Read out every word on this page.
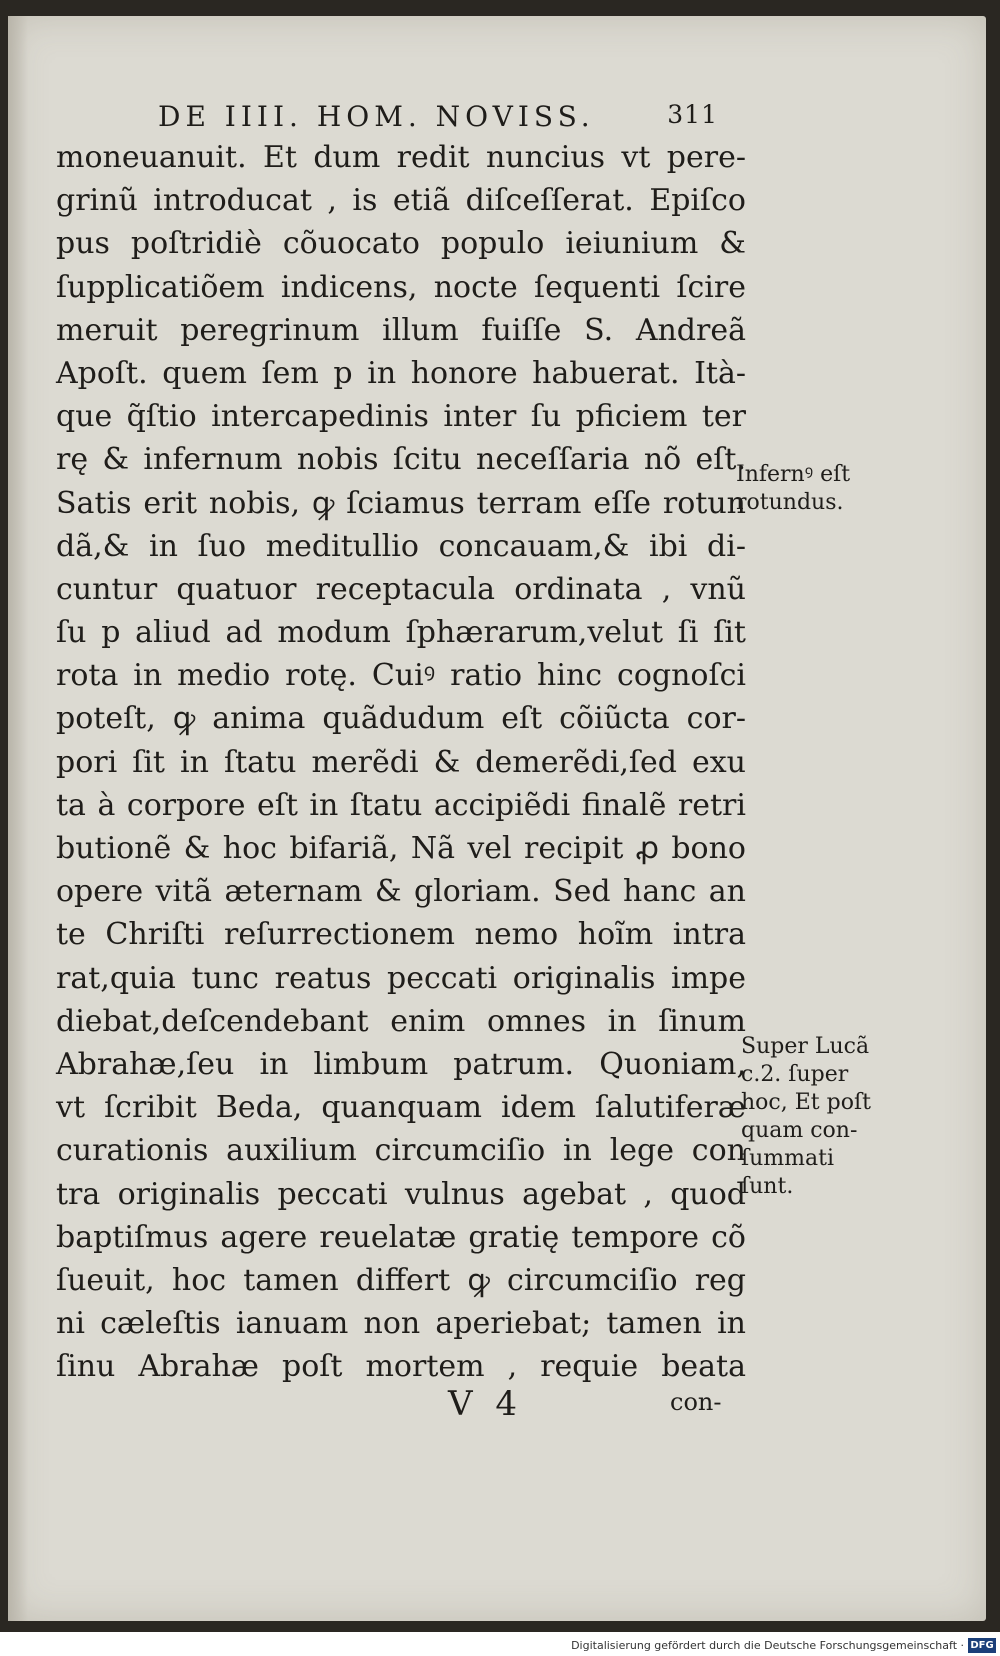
DE IIII. HOM. NOVISS.	311
moneuanuit. Et dum redit nuncius vt pere-
grinũ introducat , is etiã diſceſſerat. Epiſco
pus poſtridiè cõuocato populo ieiunium &
ſupplicatiõem indicens, nocte ſequenti ſcire
meruit peregrinum illum fuiſſe S. Andreã
Apoſt. quem ſem p in honore habuerat. Ità-
que q̃ſtio intercapedinis inter ſu pficiem ter
rę & infernum nobis ſcitu neceſſaria nõ eſt.
Satis erit nobis, ꝙ ſciamus terram eſſe rotun
dã,& in ſuo meditullio concauam,& ibi di-
cuntur quatuor receptacula ordinata , vnũ
ſu p aliud ad modum ſphærarum,velut ſi ſit
rota in medio rotę. Cuiꝰ ratio hinc cognoſci
poteſt, ꝙ anima quãdudum eſt cõiũcta cor-
pori ſit in ſtatu merẽdi & demerẽdi,ſed exu
ta à corpore eſt in ſtatu accipiẽdi finalẽ retri
butionẽ & hoc bifariã, Nã vel recipit ꝓ bono
opere vitã æternam & gloriam. Sed hanc an
te Chriſti reſurrectionem nemo hoĩm intra
rat,quia tunc reatus peccati originalis impe
diebat,deſcendebant enim omnes in ſinum
Abrahæ,ſeu in limbum patrum. Quoniam,
vt ſcribit Beda, quanquam idem ſalutiferæ
curationis auxilium circumciſio in lege con
tra originalis peccati vulnus agebat , quod
baptiſmus agere reuelatæ gratię tempore cõ
ſueuit, hoc tamen differt ꝙ circumciſio reg
ni cæleſtis ianuam non aperiebat; tamen in
ſinu Abrahæ poſt mortem , requie beata
Infernꝰ eſt
rotundus.
Super Lucã
c.2. ſuper
hoc, Et poſt
quam con-
ſummati
ſunt.
V 4	con-
Digitalisierung gefördert durch die Deutsche Forschungsgemeinschaft · DFG
